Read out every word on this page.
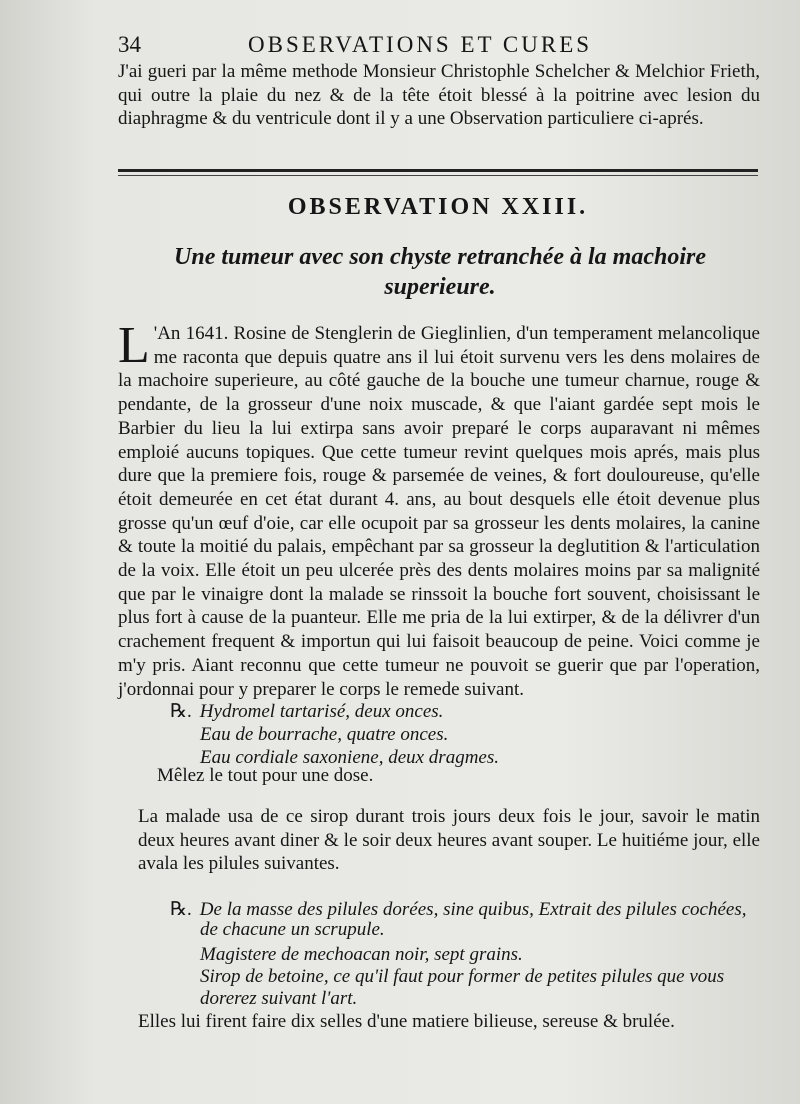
34	OBSERVATIONS ET CURES

J'ai gueri par la même methode Monsieur Christophle Schelcher & Melchior Frieth, qui outre la plaie du nez & de la tête étoit blessé à la poitrine avec lesion du diaphragme & du ventricule dont il y a une Observation particuliere ci-aprés.

OBSERVATION XXIII.
Une tumeur avec son chyste retranchée à la machoire superieure.

L 'An 1641. Rosine de Stenglerin de Gieglinlien, d'un temperament melancolique me raconta que depuis quatre ans il lui étoit survenu vers les dens molaires de la machoire superieure, au côté gauche de la bouche une tumeur charnue, rouge & pendante, de la grosseur d'une noix muscade, & que l'aiant gardée sept mois le Barbier du lieu la lui extirpa sans avoir preparé le corps auparavant ni mêmes emploié aucuns topiques. Que cette tumeur revint quelques mois aprés, mais plus dure que la premiere fois, rouge & parsemée de veines, & fort douloureuse, qu'elle étoit demeurée en cet état durant 4. ans, au bout desquels elle étoit devenue plus grosse qu'un œuf d'oie, car elle ocupoit par sa grosseur les dents molaires, la canine & toute la moitié du palais, empêchant par sa grosseur la deglutition & l'articulation de la voix. Elle étoit un peu ulcerée près des dents molaires moins par sa malignité que par le vinaigre dont la malade se rinssoit la bouche fort souvent, choisissant le plus fort à cause de la puanteur. Elle me pria de la lui extirper, & de la délivrer d'un crachement frequent & importun qui lui faisoit beaucoup de peine. Voici comme je m'y pris. Aiant reconnu que cette tumeur ne pouvoit se guerir que par l'operation, j'ordonnai pour y preparer le corps le remede suivant.

℞. Hydromel tartarisé, deux onces.

Eau de bourrache, quatre onces.

Eau cordiale saxoniene, deux dragmes.

Mêlez le tout pour une dose.

La malade usa de ce sirop durant trois jours deux fois le jour, savoir le matin deux heures avant diner & le soir deux heures avant souper. Le huitiéme jour, elle avala les pilules suivantes.

℞. De la masse des pilules dorées, sine quibus, Extrait des pilules cochées,

de chacune un scrupule.

Magistere de mechoacan noir, sept grains.

Sirop de betoine, ce qu'il faut pour former de petites pilules que vous

dorerez suivant l'art.

Elles lui firent faire dix selles d'une matiere bilieuse, sereuse & brulée.
